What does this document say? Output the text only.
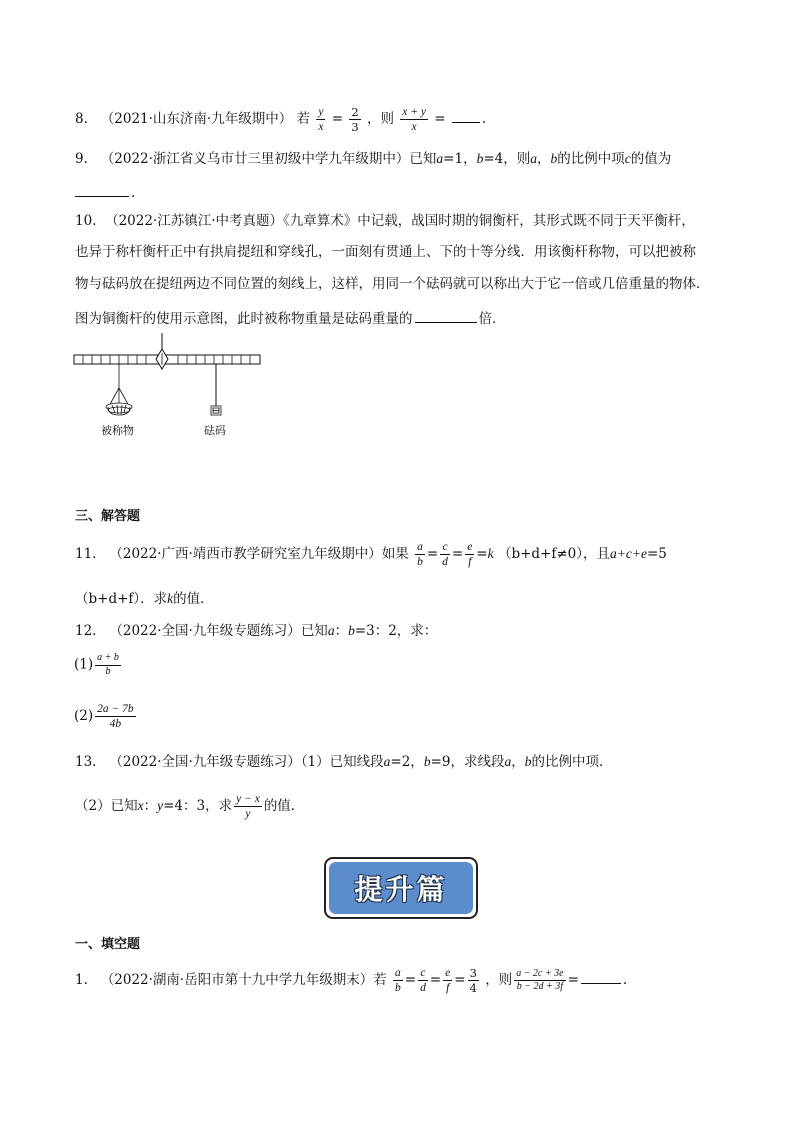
8. （2021·山东济南·九年级期中） 若 $\frac{y}{x} = \frac{2}{3}$ ，则 $\frac{x + y}{x}$ =	.
9. （2022·浙江省义乌市廿三里初级中学九年级期中）已知a=1，b=4，则a，b的比例中项c的值为
.
10. （2022·江苏镇江·中考真题）《九章算术》中记载，战国时期的铜衡杆，其形式既不同于天平衡杆，
也异于称杆衡杆正中有拱肩提纽和穿线孔，一面刻有贯通上、下的十等分线．用该衡杆称物，可以把被称
物与砝码放在提纽两边不同位置的刻线上，这样，用同一个砝码就可以称出大于它一倍或几倍重量的物体．
图为铜衡杆的使用示意图，此时被称物重量是砝码重量的	倍．
被称物	砝码
三、解答题
11. （2022·广西·靖西市教学研究室九年级期中）如果 $\frac{a}{b} = \frac{c}{d} = \frac{e}{f} =k$ （b+d+f≠0），且a+c+e=5
（b+d+f）．求k的值．
12. （2022·全国·九年级专题练习）已知a：b=3：2，求：
$(1) \frac{a + b}{b}$
$(2) \frac{2a - 7b}{4b}$
13. （2022·全国·九年级专题练习）（1）已知线段a=2，b=9，求线段a，b的比例中项．
（2）已知x：y=4：3，求 $\frac{y - x}{y}$ 的值．
提升篇
一、填空题
1. （2022·湖南·岳阳市第十九中学九年级期末）若 $\frac{a}{b} = \frac{c}{d} = \frac{e}{f} = \frac{3}{4}$ ，则 $\frac{a - 2c + 3e}{b - 2d + 3f}$ =	.
